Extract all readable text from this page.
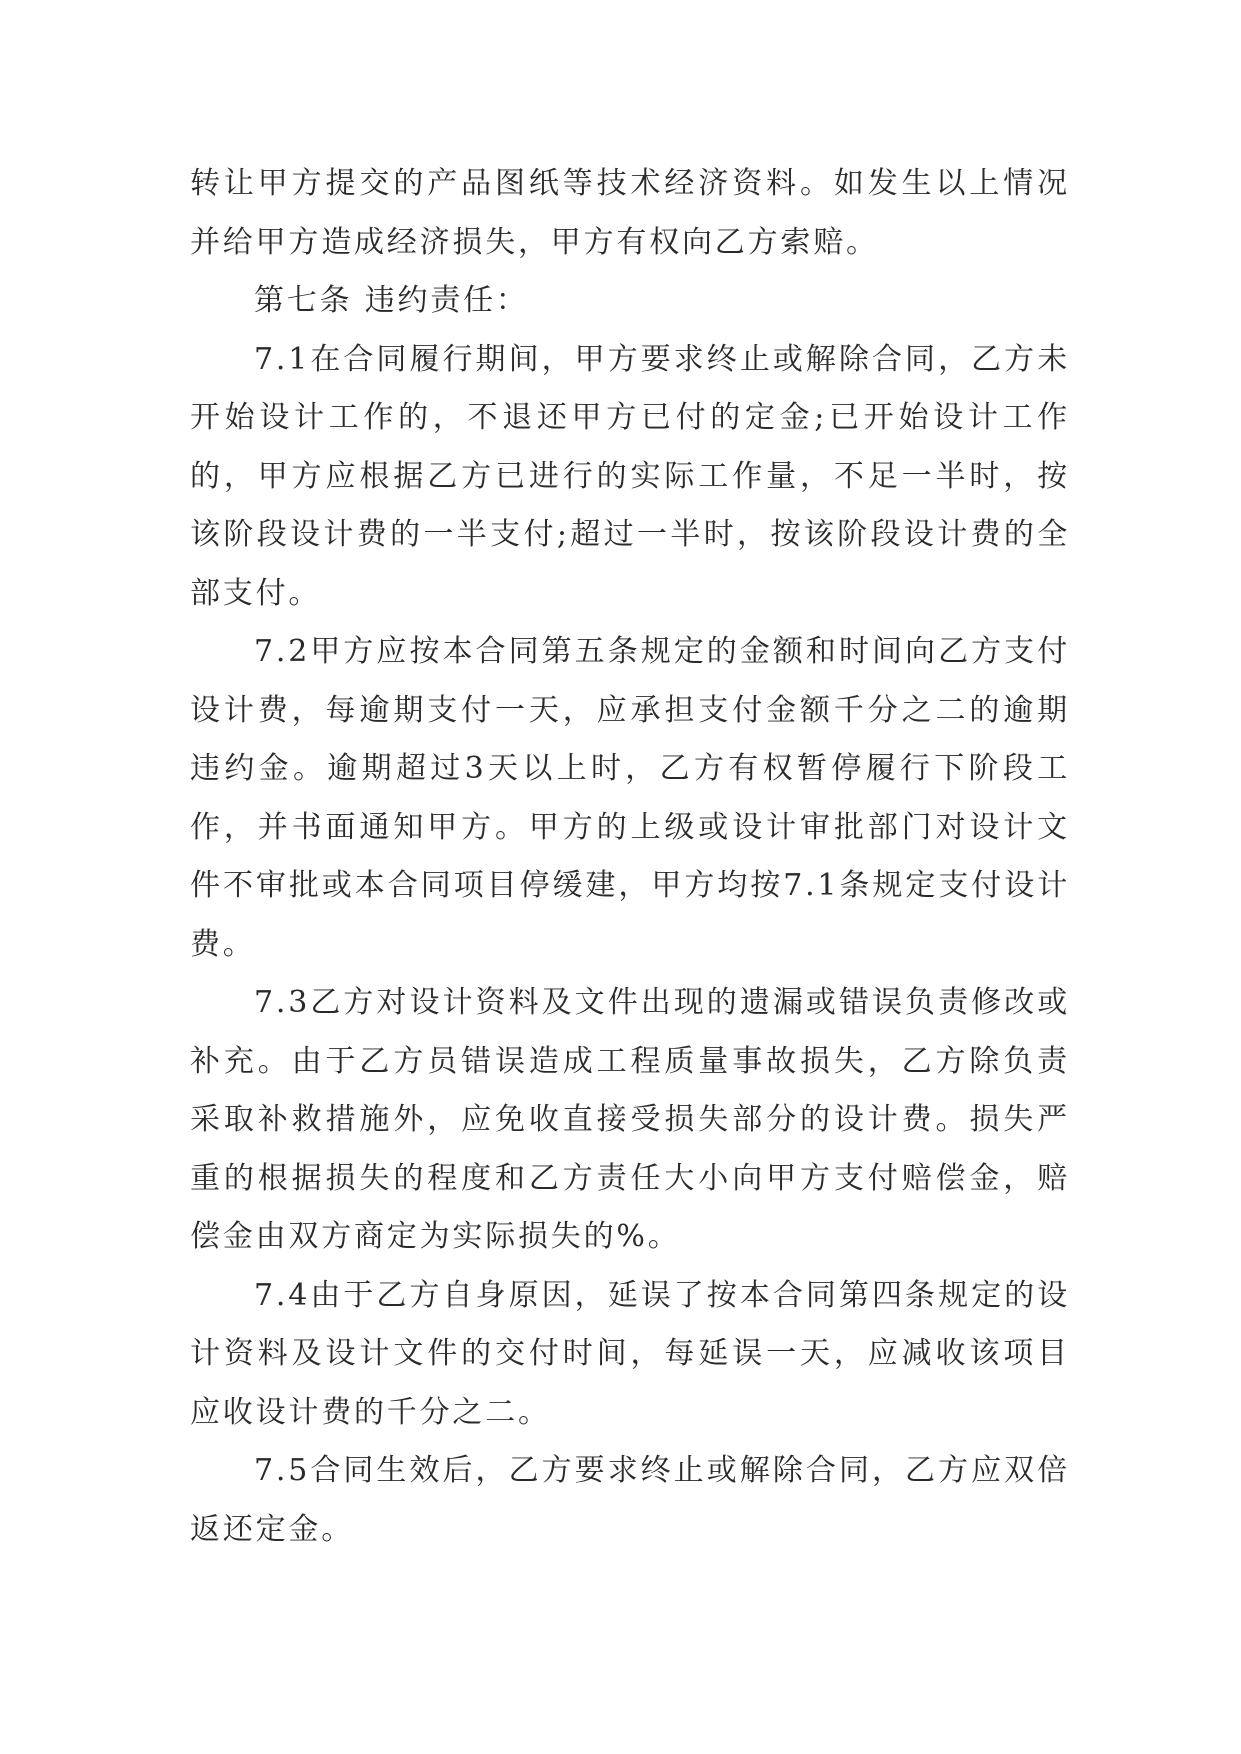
转让甲方提交的产品图纸等技术经济资料。如发生以上情况并给甲方造成经济损失，甲方有权向乙方索赔。

第七条 违约责任：

7.1在合同履行期间，甲方要求终止或解除合同，乙方未开始设计工作的，不退还甲方已付的定金;已开始设计工作的，甲方应根据乙方已进行的实际工作量，不足一半时，按该阶段设计费的一半支付;超过一半时，按该阶段设计费的全部支付。

7.2甲方应按本合同第五条规定的金额和时间向乙方支付设计费，每逾期支付一天，应承担支付金额千分之二的逾期违约金。逾期超过3天以上时，乙方有权暂停履行下阶段工作，并书面通知甲方。甲方的上级或设计审批部门对设计文件不审批或本合同项目停缓建，甲方均按7.1条规定支付设计费。

7.3乙方对设计资料及文件出现的遗漏或错误负责修改或补充。由于乙方员错误造成工程质量事故损失，乙方除负责采取补救措施外，应免收直接受损失部分的设计费。损失严重的根据损失的程度和乙方责任大小向甲方支付赔偿金，赔偿金由双方商定为实际损失的%。

7.4由于乙方自身原因，延误了按本合同第四条规定的设计资料及设计文件的交付时间，每延误一天，应减收该项目应收设计费的千分之二。

7.5合同生效后，乙方要求终止或解除合同，乙方应双倍返还定金。
